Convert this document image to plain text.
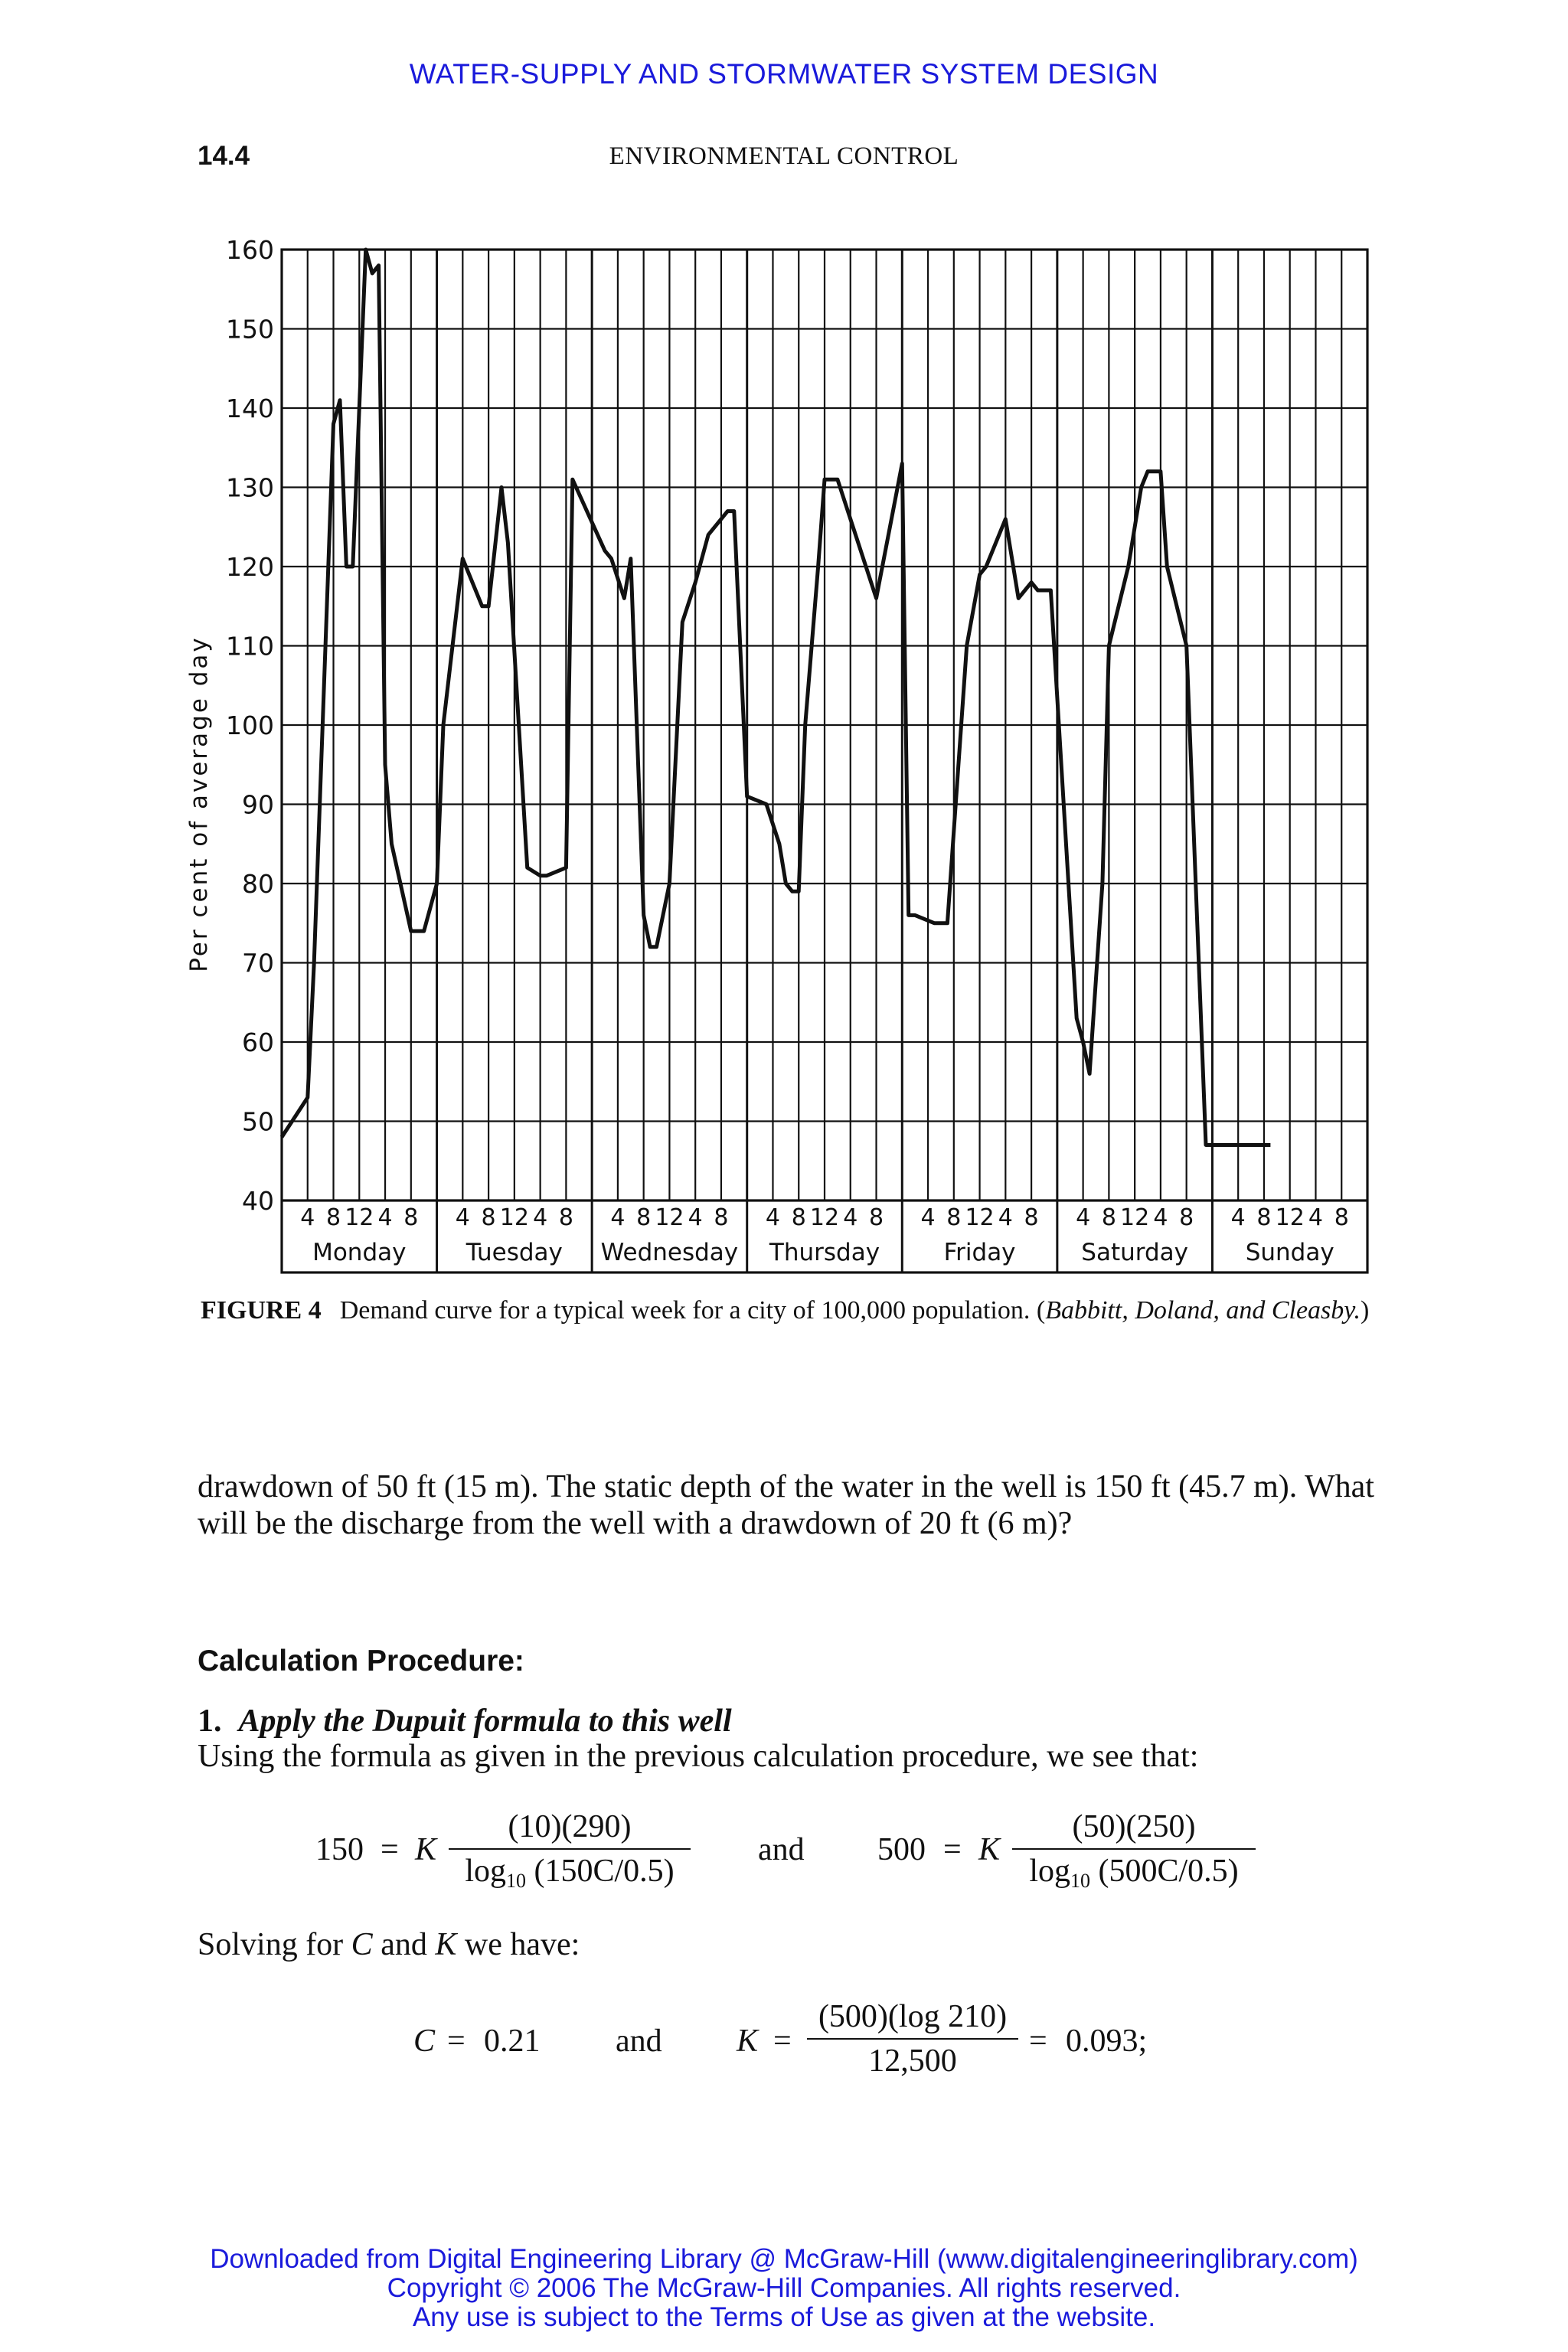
WATER-SUPPLY AND STORMWATER SYSTEM DESIGN
14.4	ENVIRONMENTAL CONTROL
40
50
60
70
80
90
100
110
120
130
140
150
160
4 8 12 4 8 4 8 12 4 8 4 8 12 4 8 4 8 12 4 8 4 8 12 4 8 4 8 12 4 8 4 8 12 4 8
Monday	Tuesday Wednesday Thursday	Friday	Saturday Sunday
Per cent of average day
FIGURE 4 Demand curve for a typical week for a city of 100,000 population. (Babbitt, Doland, and Cleasby.)
drawdown of 50 ft (15 m). The static depth of the water in the well is 150 ft (45.7 m). What will be the discharge from the well with a drawdown of 20 ft (6 m)?
Calculation Procedure:
1. Apply the Dupuit formula to this well
Using the formula as given in the previous calculation procedure, we see that:
150 = K
(10)(290)
$\log_{10} (150C/0.5)$
and 500 = K
(50)(250)
$\log_{10} (500C/0.5)$
Solving for C and K we have:
C = 0.21 and K =
(500)(log 210)
12,500
= 0.093;
Downloaded from Digital Engineering Library @ McGraw-Hill (www.digitalengineeringlibrary.com)
Copyright © 2006 The McGraw-Hill Companies. All rights reserved.
Any use is subject to the Terms of Use as given at the website.
